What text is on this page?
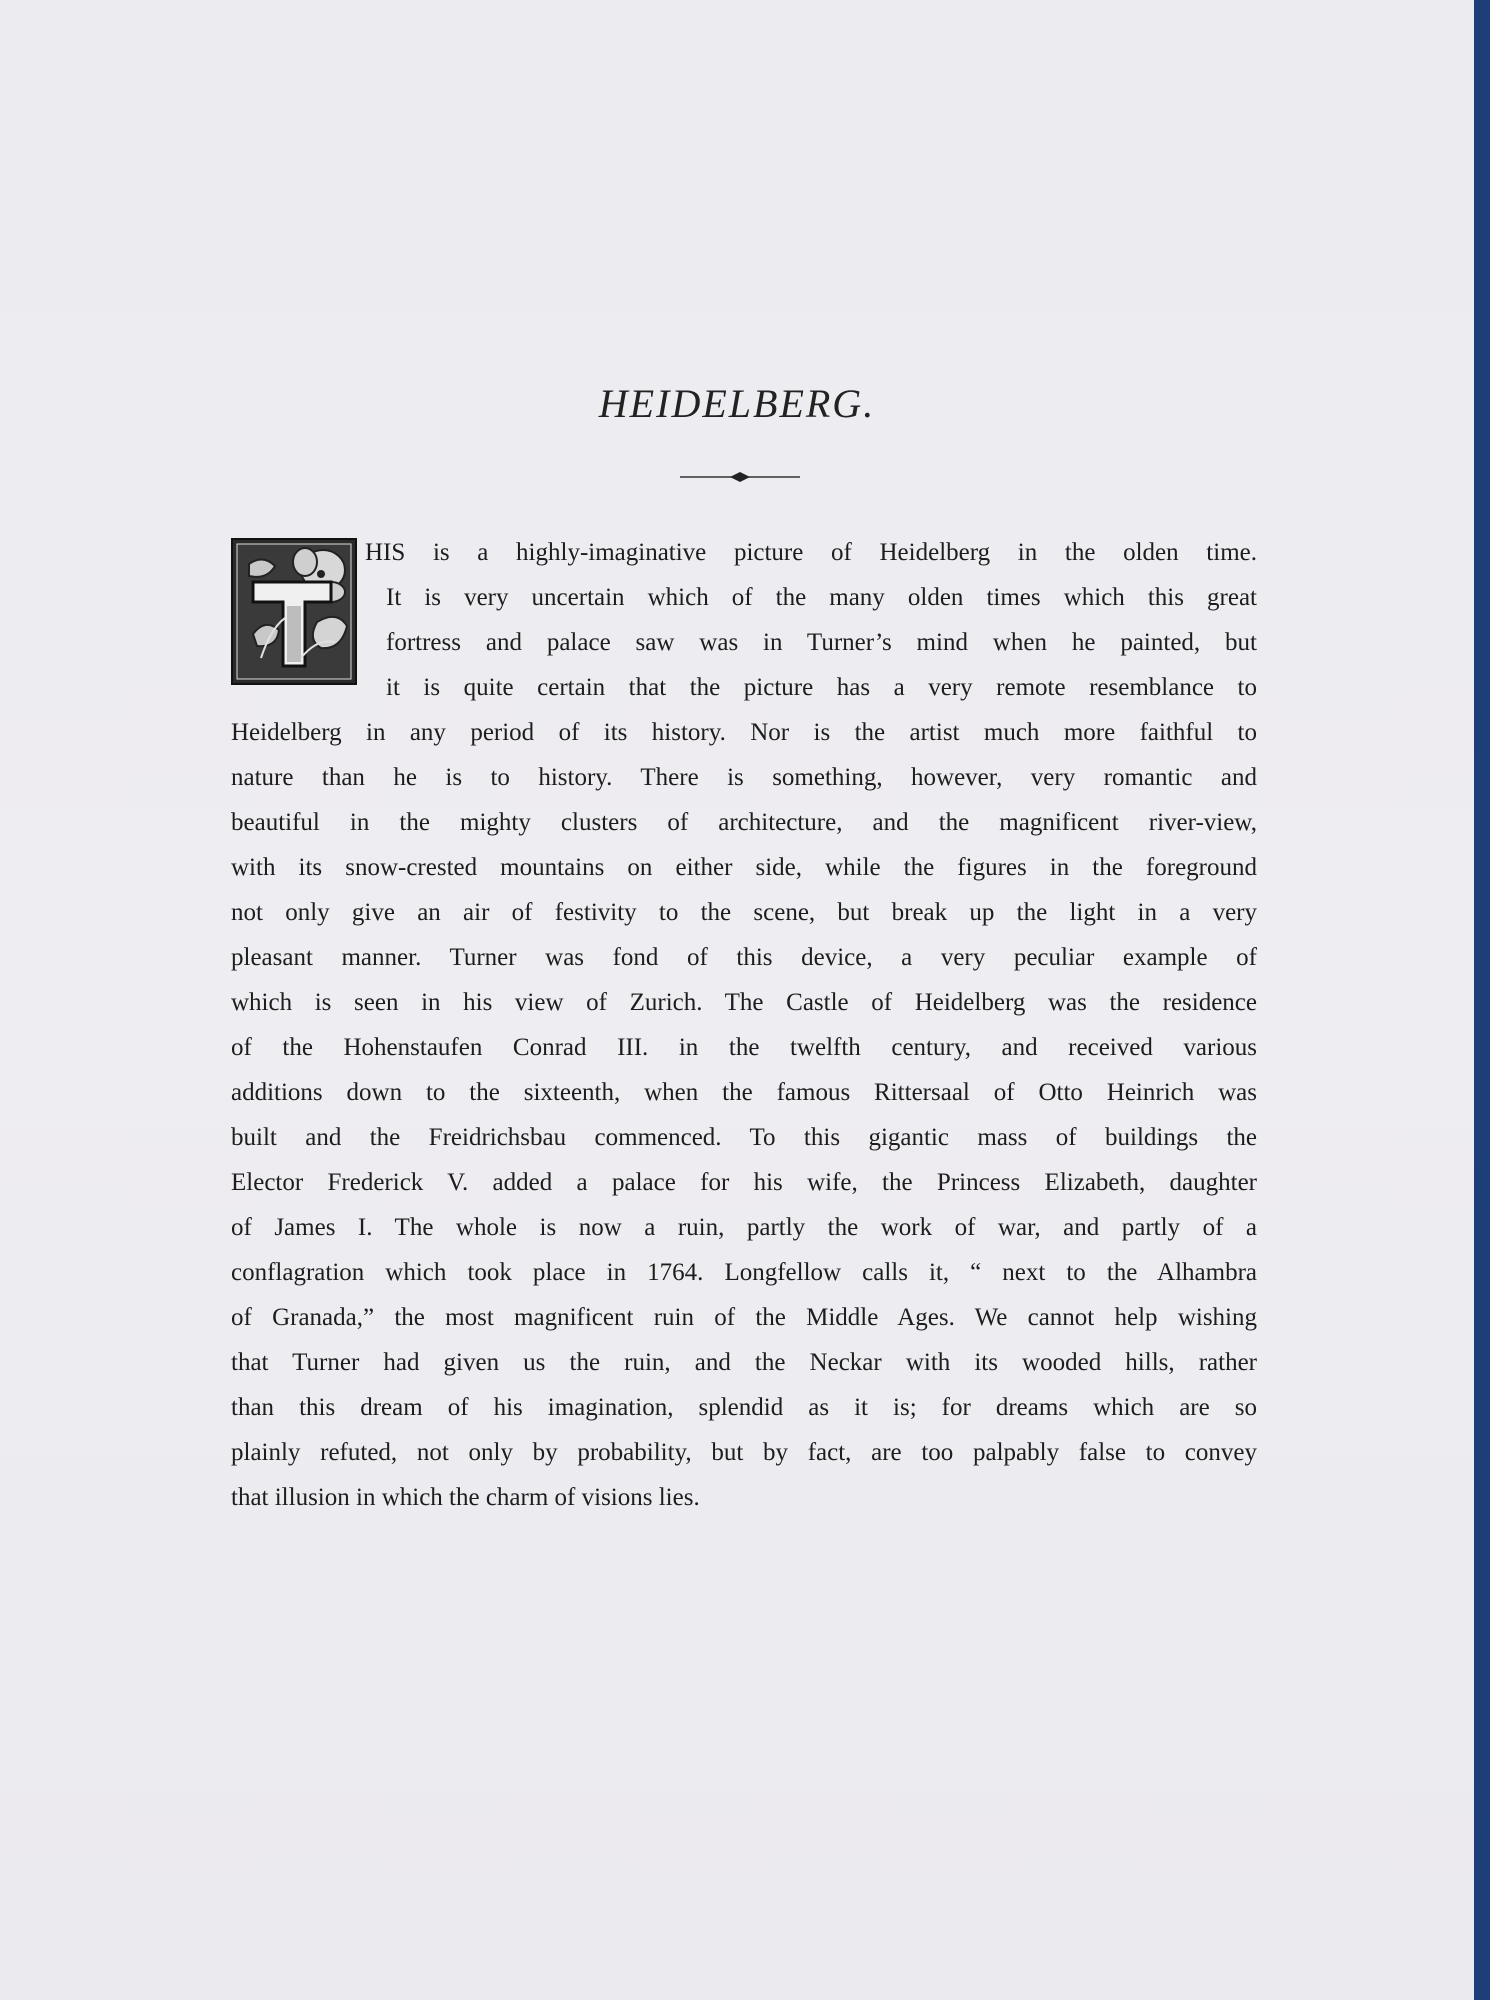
HEIDELBERG.
HIS is a highly-imaginative picture of Heidelberg in the olden time.
It is very uncertain which of the many olden times which this great
fortress and palace saw was in Turner’s mind when he painted, but
it is quite certain that the picture has a very remote resemblance to
Heidelberg in any period of its history. Nor is the artist much more faithful to
nature than he is to history. There is something, however, very romantic and
beautiful in the mighty clusters of architecture, and the magnificent river-view,
with its snow-crested mountains on either side, while the figures in the foreground
not only give an air of festivity to the scene, but break up the light in a very
pleasant manner. Turner was fond of this device, a very peculiar example of
which is seen in his view of Zurich. The Castle of Heidelberg was the residence
of the Hohenstaufen Conrad III. in the twelfth century, and received various
additions down to the sixteenth, when the famous Rittersaal of Otto Heinrich was
built and the Freidrichsbau commenced. To this gigantic mass of buildings the
Elector Frederick V. added a palace for his wife, the Princess Elizabeth, daughter
of James I. The whole is now a ruin, partly the work of war, and partly of a
conflagration which took place in 1764. Longfellow calls it, “ next to the Alhambra
of Granada,” the most magnificent ruin of the Middle Ages. We cannot help wishing
that Turner had given us the ruin, and the Neckar with its wooded hills, rather
than this dream of his imagination, splendid as it is; for dreams which are so
plainly refuted, not only by probability, but by fact, are too palpably false to convey
that illusion in which the charm of visions lies.
